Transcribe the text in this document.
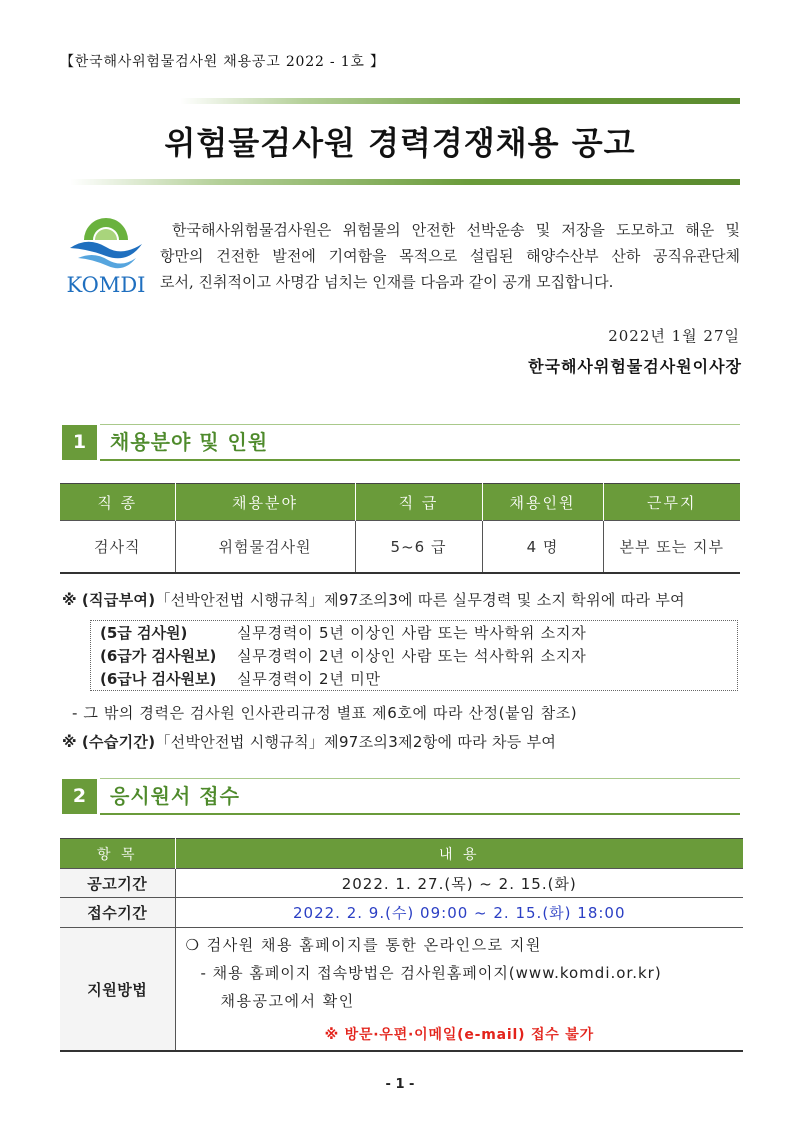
【한국해사위험물검사원 채용공고 2022 - 1호 】
위험물검사원 경력경쟁채용 공고
KOMDI
한국해사위험물검사원은 위험물의 안전한 선박운송 및 저장을 도모하고 해운 및
항만의 건전한 발전에 기여함을 목적으로 설립된 해양수산부 산하 공직유관단체
로서, 진취적이고 사명감 넘치는 인재를 다음과 같이 공개 모집합니다.
2022년 1월 27일
한국해사위험물검사원이사장
1	채용분야 및 인원
직 종	채용분야	직 급	채용인원	근무지
검사직	위험물검사원	5~6 급	4 명	본부 또는 지부
※ (직급부여)「선박안전법 시행규칙」제97조의3에 따른 실무경력 및 소지 학위에 따라 부여
(5급 검사원)	실무경력이 5년 이상인 사람 또는 박사학위 소지자
(6급가 검사원보) 실무경력이 2년 이상인 사람 또는 석사학위 소지자
(6급나 검사원보) 실무경력이 2년 미만
- 그 밖의 경력은 검사원 인사관리규정 별표 제6호에 따라 산정(붙임 참조)
※ (수습기간)「선박안전법 시행규칙」제97조의3제2항에 따라 차등 부여
2	응시원서 접수
항 목	내 용
공고기간	2022. 1. 27.(목) ~ 2. 15.(화)
접수기간	2022. 2. 9.(수) 09:00 ~ 2. 15.(화) 18:00
지원방법	❍ 검사원 채용 홈페이지를 통한 온라인으로 지원
- 채용 홈페이지 접속방법은 검사원홈페이지(www.komdi.or.kr)
채용공고에서 확인
※ 방문·우편·이메일(e-mail) 접수 불가
- 1 -
